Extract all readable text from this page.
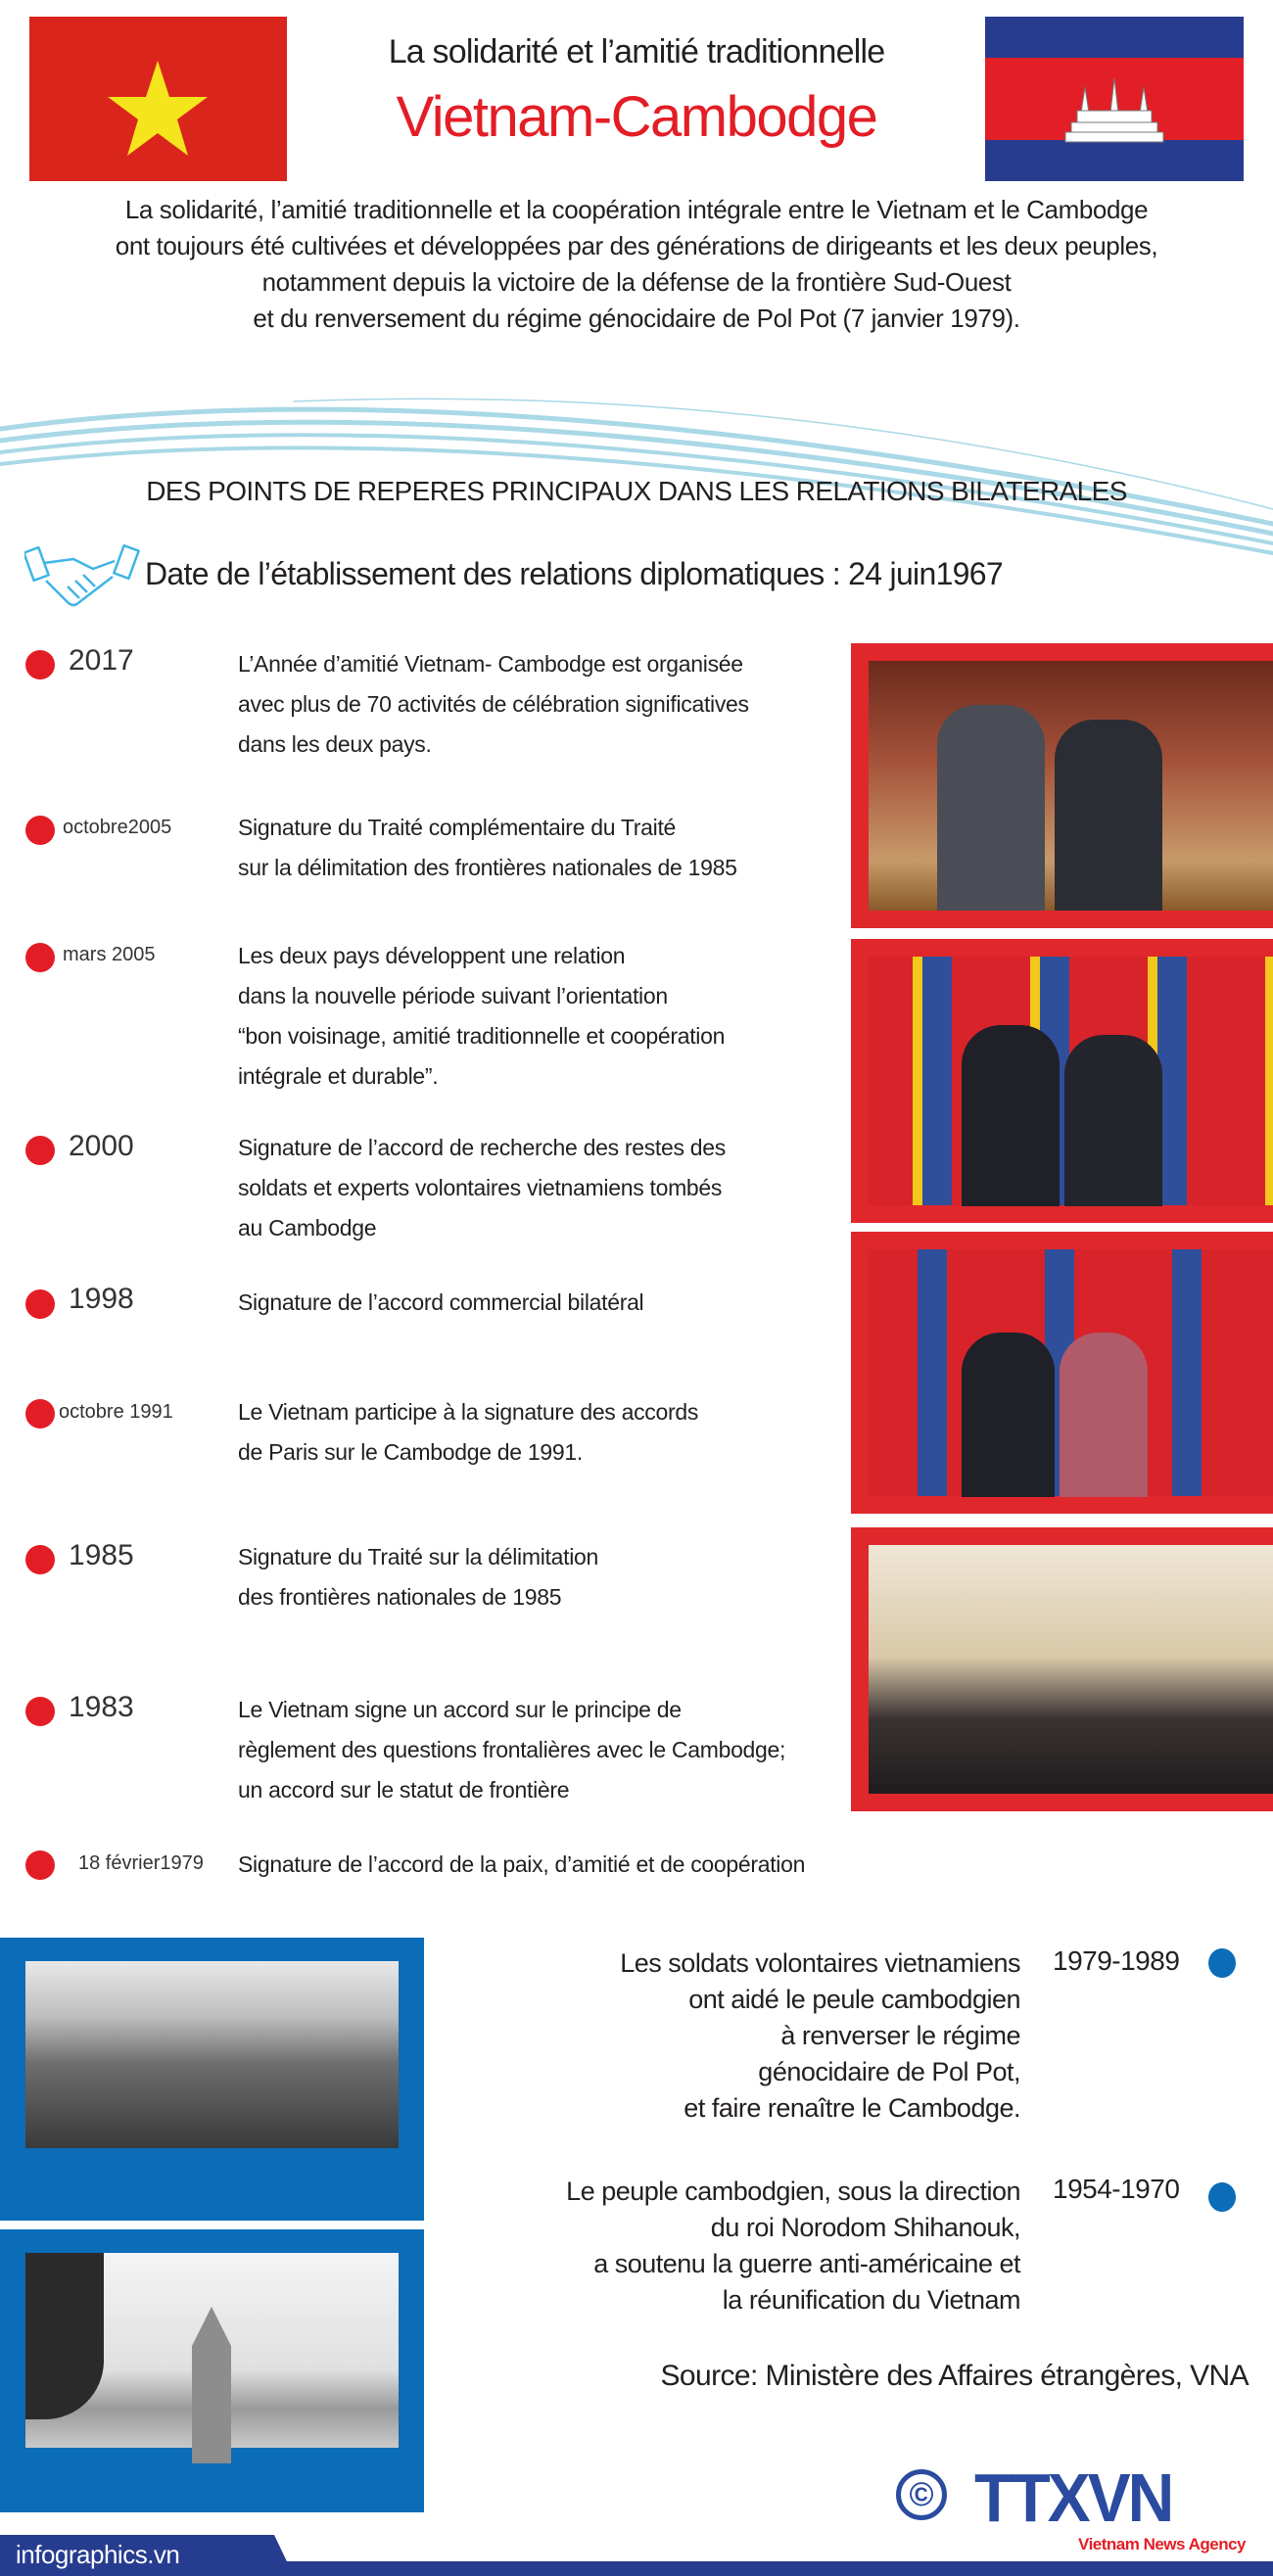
La solidarité et l’amitié traditionnelle
Vietnam-Cambodge
La solidarité, l’amitié traditionnelle et la coopération intégrale entre le Vietnam et le Cambodge
ont toujours été cultivées et développées par des générations de dirigeants et les deux peuples,
notamment depuis la victoire de la défense de la frontière Sud-Ouest
et du renversement du régime génocidaire de Pol Pot (7 janvier 1979).
DES POINTS DE REPERES PRINCIPAUX DANS LES RELATIONS BILATERALES
Date de l’établissement des relations diplomatiques : 24 juin1967
2017	L’Année d’amitié Vietnam- Cambodge est organisée
avec plus de 70 activités de célébration significatives
dans les deux pays.
octobre2005	Signature du Traité complémentaire du Traité
sur la délimitation des frontières nationales de 1985
mars 2005	Les deux pays développent une relation
dans la nouvelle période suivant l’orientation
“bon voisinage, amitié traditionnelle et coopération
intégrale et durable”.
2000	Signature de l’accord de recherche des restes des
soldats et experts volontaires vietnamiens tombés
au Cambodge
1998	Signature de l’accord commercial bilatéral
octobre 1991	Le Vietnam participe à la signature des accords
de Paris sur le Cambodge de 1991.
1985	Signature du Traité sur la délimitation
des frontières nationales de 1985
1983	Le Vietnam signe un accord sur le principe de
règlement des questions frontalières avec le Cambodge;
un accord sur le statut de frontière
18 février1979 Signature de l’accord de la paix, d’amitié et de coopération
Les soldats volontaires vietnamiens
ont aidé le peule cambodgien
à renverser le régime
génocidaire de Pol Pot,
et faire renaître le Cambodge.
1979-1989
Le peuple cambodgien, sous la direction
du roi Norodom Shihanouk,
a soutenu la guerre anti-américaine et
la réunification du Vietnam
1954-1970
Source: Ministère des Affaires étrangères, VNA
© TTXVN
Vietnam News Agency
infographics.vn
